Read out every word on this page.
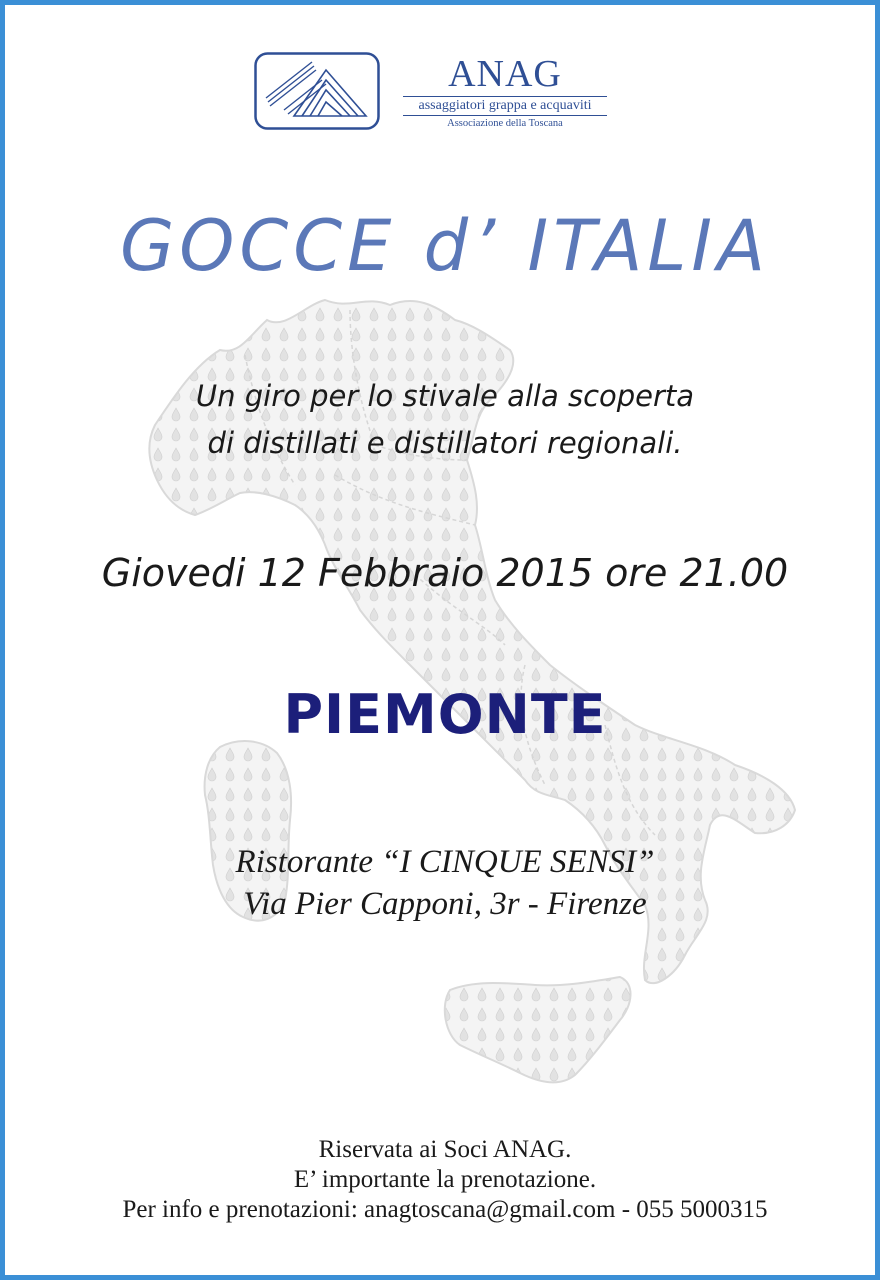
ANAG
assaggiatori grappa e acquaviti
Associazione della Toscana
GOCCE d’ ITALIA
Un giro per lo stivale alla scoperta
di distillati e distillatori regionali.
Giovedi 12 Febbraio 2015 ore 21.00
PIEMONTE
Ristorante “I CINQUE SENSI”
Via Pier Capponi, 3r - Firenze
Riservata ai Soci ANAG.
E’ importante la prenotazione.
Per info e prenotazioni: anagtoscana@gmail.com - 055 5000315
